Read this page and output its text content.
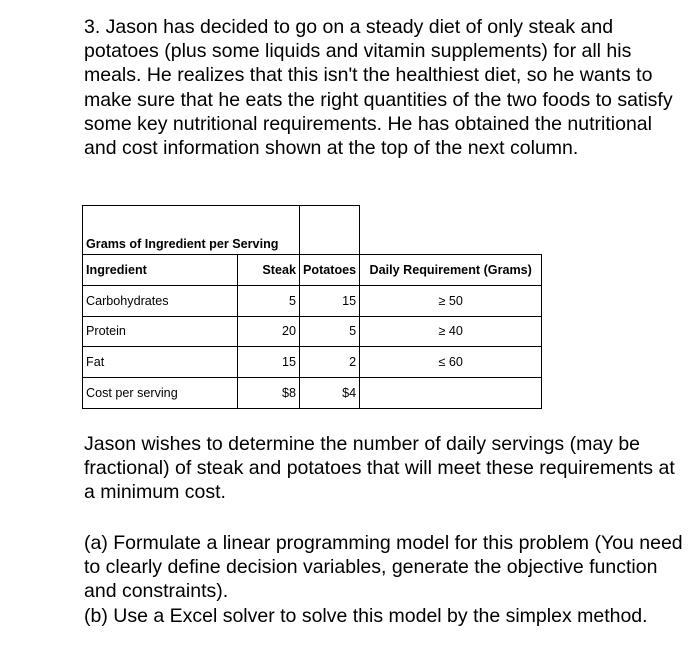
3. Jason has decided to go on a steady diet of only steak and potatoes (plus some liquids and vitamin supplements) for all his meals. He realizes that this isn't the healthiest diet, so he wants to make sure that he eats the right quantities of the two foods to satisfy some key nutritional requirements. He has obtained the nutritional and cost information shown at the top of the next column.

Grams of Ingredient per Serving			
Ingredient	Steak	Potatoes	Daily Requirement (Grams)
Carbohydrates	5	15	≥ 50
Protein	20	5	≥ 40
Fat	15	2	≤ 60
Cost per serving	$8	$4	

Jason wishes to determine the number of daily servings (may be fractional) of steak and potatoes that will meet these requirements at a minimum cost.

(a) Formulate a linear programming model for this problem (You need to clearly define decision variables, generate the objective function and constraints).
(b) Use a Excel solver to solve this model by the simplex method.
